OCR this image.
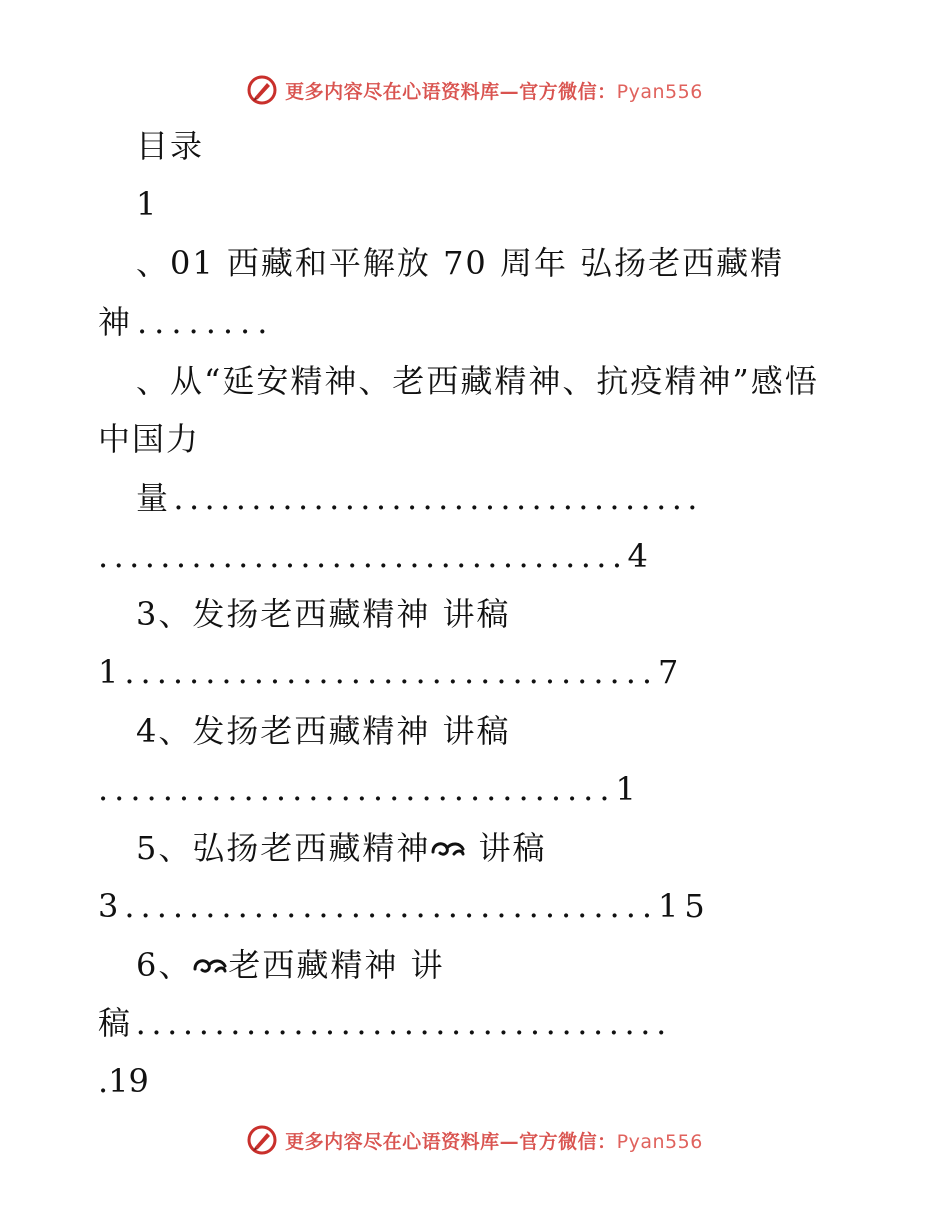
更多内容尽在心语资料库—官方微信：Pyan556
目录
1
、01 西藏和平解放 70 周年 弘扬老西藏精
神........
、从“延安精神、老西藏精神、抗疫精神”感悟
中国力
量..................................
..................................4
3、发扬老西藏精神 讲稿
1.................................7
4、发扬老西藏精神 讲稿
................................1
5、弘扬老西藏精神 讲稿
3.................................15
6、 老西藏精神 讲
稿..................................
.19
更多内容尽在心语资料库—官方微信：Pyan556
